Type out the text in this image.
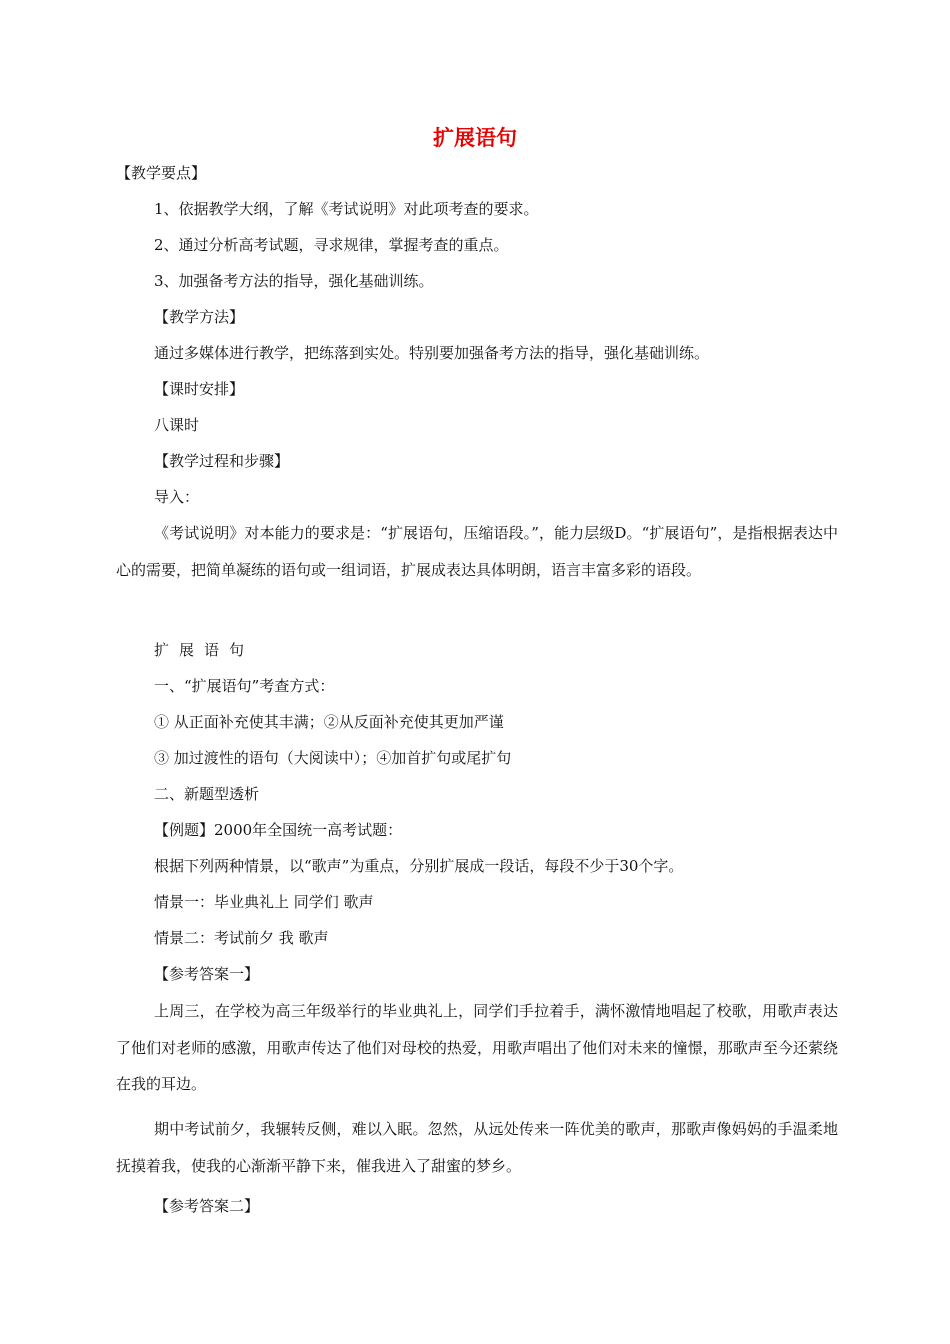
扩展语句
【教学要点】
1、依据教学大纲，了解《考试说明》对此项考查的要求。
2、通过分析高考试题，寻求规律，掌握考查的重点。
3、加强备考方法的指导，强化基础训练。
【教学方法】
通过多媒体进行教学，把练落到实处。特别要加强备考方法的指导，强化基础训练。
【课时安排】
八课时
【教学过程和步骤】
导入：
《考试说明》对本能力的要求是：“扩展语句，压缩语段。”，能力层级D。“扩展语句”，是指根据表达中心的需要，把简单凝练的语句或一组词语，扩展成表达具体明朗，语言丰富多彩的语段。
扩展语句
一、“扩展语句”考查方式：
① 从正面补充使其丰满；②从反面补充使其更加严谨
③ 加过渡性的语句（大阅读中）；④加首扩句或尾扩句
二、新题型透析
【例题】2000年全国统一高考试题：
根据下列两种情景，以“歌声”为重点，分别扩展成一段话，每段不少于30个字。
情景一：毕业典礼上 同学们 歌声
情景二：考试前夕 我 歌声
【参考答案一】
上周三，在学校为高三年级举行的毕业典礼上，同学们手拉着手，满怀激情地唱起了校歌，用歌声表达了他们对老师的感激，用歌声传达了他们对母校的热爱，用歌声唱出了他们对未来的憧憬，那歌声至今还萦绕在我的耳边。
期中考试前夕，我辗转反侧，难以入眠。忽然，从远处传来一阵优美的歌声，那歌声像妈妈的手温柔地抚摸着我，使我的心渐渐平静下来，催我进入了甜蜜的梦乡。
【参考答案二】
